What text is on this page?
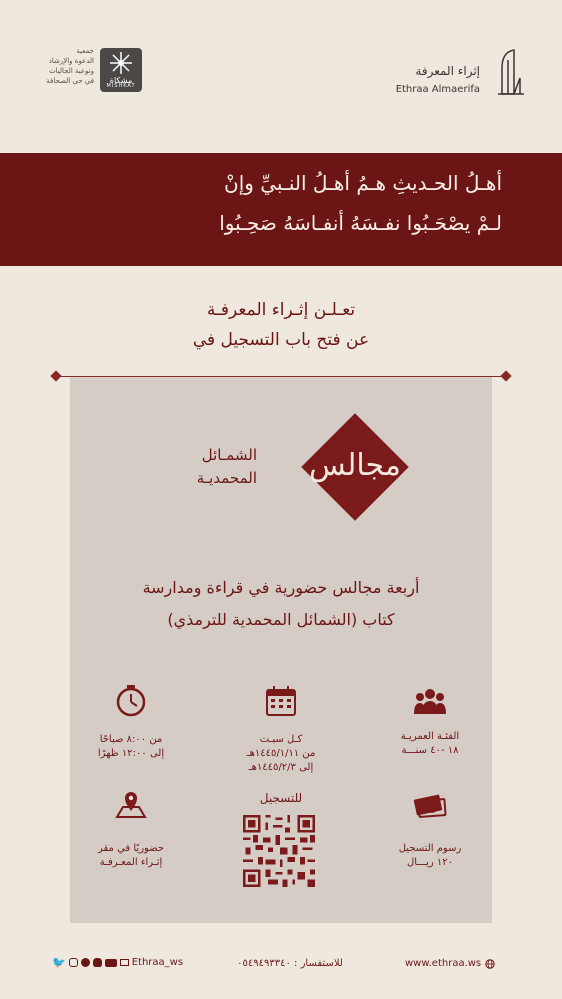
جمعية
الدعوة والإرشاد
وتوعية الجاليات
في حي الصحافة	مشكاة
MISHKAT
إثراء المعرفة
Ethraa Almaerifa
أهـلُ الحـديثِ هـمُ أهـلُ النـبيِّ وإنْ
لـمْ يصْحَـبُوا نفـسَهُ أنفـاسَهُ صَحِـبُوا
تعـلـن إثـراء المعرفـة
عن فتح باب التسجيل في
مجالس
الشمـائل
المحمديـة
أربعة مجالس حضورية في قراءة ومدارسة
كتاب (الشمائل المحمدية للترمذي)
الفئـة العمريـة
١٨ -٤٠ سنـــة
كـل سبـت
من ١٤٤٥/١/١١هـ
إلى ١٤٤٥/٢/٣هـ
من ٨:٠٠ صباحًا
إلى ١٢:٠٠ ظهرًا
للتسجيل
رسوم التسجيل
١٢٠ ريـــال
حضوريًا في مقر
إثـراء المعـرفـة
www.ethraa.ws
للاستفسار : ٠٥٤٩٤٩٣٣٤٠
🐦	Ethraa_ws
